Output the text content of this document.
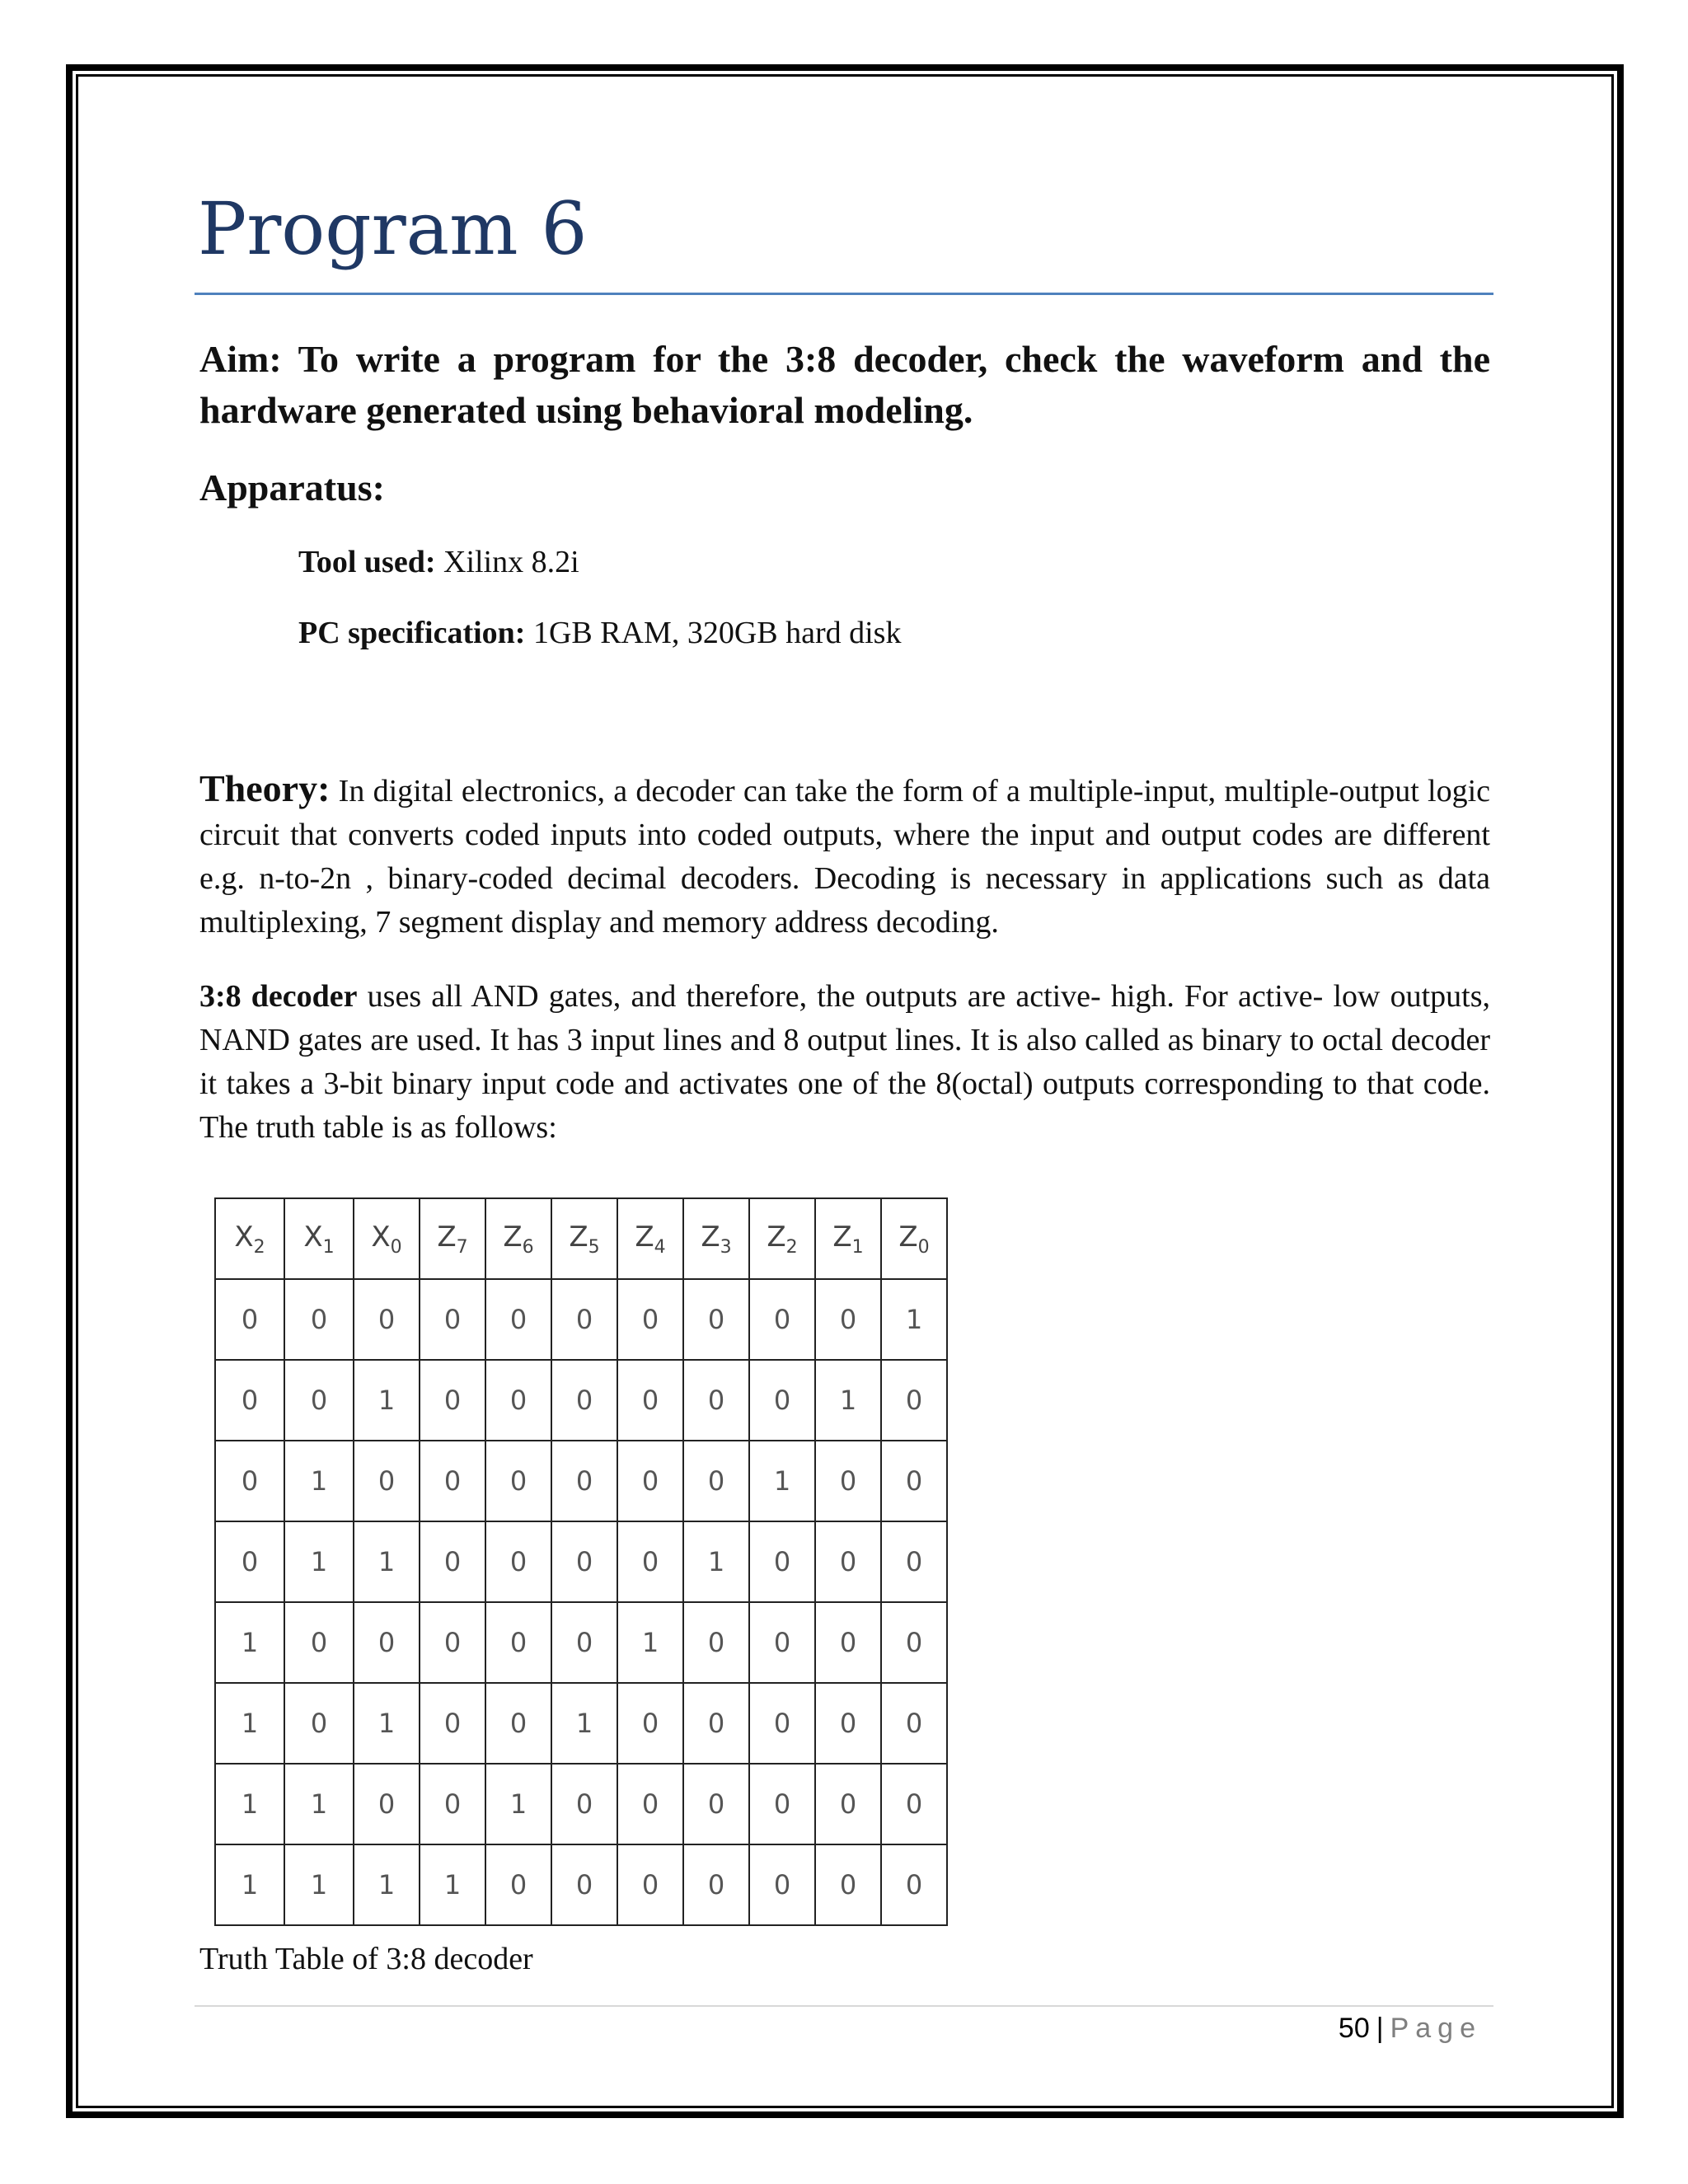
Program 6

Aim: To write a program for the 3:8 decoder, check the waveform and the hardware generated using behavioral modeling.

Apparatus:

Tool used: Xilinx 8.2i

PC specification: 1GB RAM, 320GB hard disk

Theory: In digital electronics, a decoder can take the form of a multiple-input, multiple-output logic circuit that converts coded inputs into coded outputs, where the input and output codes are different e.g. n-to-2n , binary-coded decimal decoders. Decoding is necessary in applications such as data multiplexing, 7 segment display and memory address decoding.

3:8 decoder uses all AND gates, and therefore, the outputs are active- high. For active- low outputs, NAND gates are used. It has 3 input lines and 8 output lines. It is also called as binary to octal decoder it takes a 3-bit binary input code and activates one of the 8(octal) outputs corresponding to that code. The truth table is as follows:

$X_2$	$X_1$	$X_0$	$Z_7$	$Z_6$	$Z_5$	$Z_4$	$Z_3$	$Z_2$	$Z_1$	$Z_0$
0	0	0	0	0	0	0	0	0	0	1
0	0	1	0	0	0	0	0	0	1	0
0	1	0	0	0	0	0	0	1	0	0
0	1	1	0	0	0	0	1	0	0	0
1	0	0	0	0	0	1	0	0	0	0
1	0	1	0	0	1	0	0	0	0	0
1	1	0	0	1	0	0	0	0	0	0
1	1	1	1	0	0	0	0	0	0	0

Truth Table of 3:8 decoder

50 | Page
